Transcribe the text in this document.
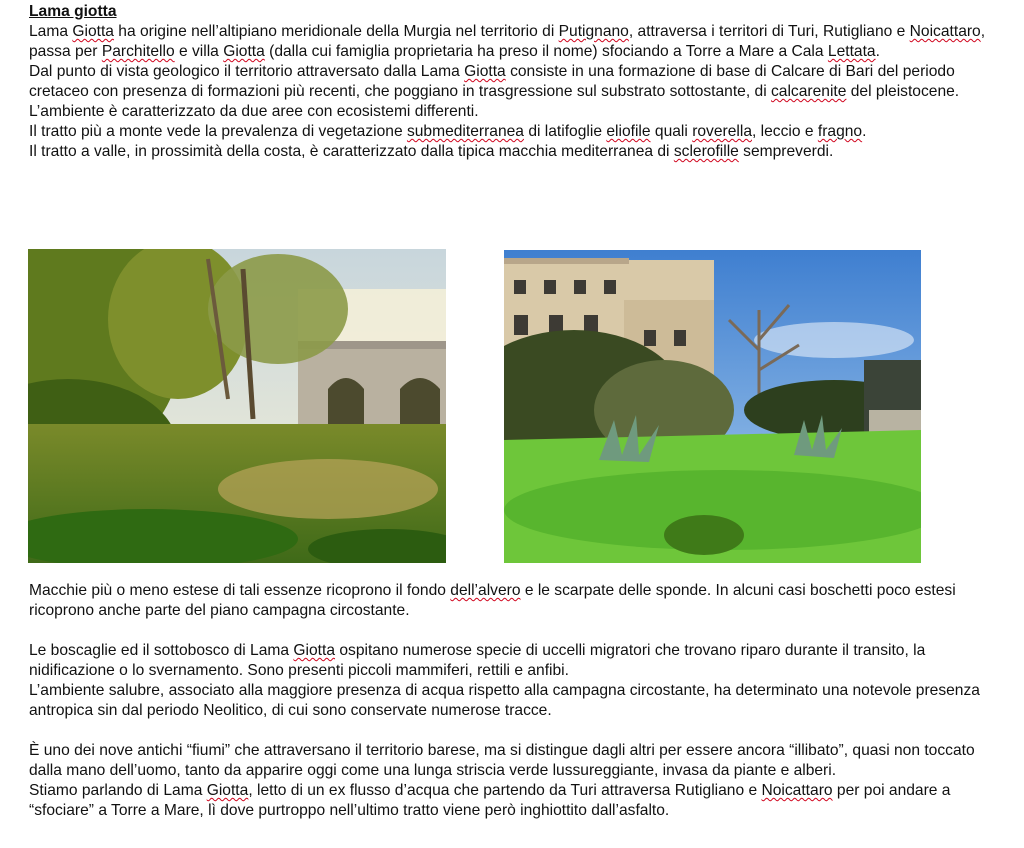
Lama giotta

Lama Giotta ha origine nell’altipiano meridionale della Murgia nel territorio di Putignano, attraversa i territori di Turi, Rutigliano e Noicattaro, passa per Parchitello e villa Giotta (dalla cui famiglia proprietaria ha preso il nome) sfociando a Torre a Mare a Cala Lettata.

Dal punto di vista geologico il territorio attraversato dalla Lama Giotta consiste in una formazione di base di Calcare di Bari del periodo cretaceo con presenza di formazioni più recenti, che poggiano in trasgressione sul substrato sottostante, di calcarenite del pleistocene.

L’ambiente è caratterizzato da due aree con ecosistemi differenti.

Il tratto più a monte vede la prevalenza di vegetazione submediterranea di latifoglie eliofile quali roverella, leccio e fragno.

Il tratto a valle, in prossimità della costa, è caratterizzato dalla tipica macchia mediterranea di sclerofille sempreverdi.

Macchie più o meno estese di tali essenze ricoprono il fondo dell’alvero e le scarpate delle sponde. In alcuni casi boschetti poco estesi ricoprono anche parte del piano campagna circostante.

Le boscaglie ed il sottobosco di Lama Giotta ospitano numerose specie di uccelli migratori che trovano riparo durante il transito, la nidificazione o lo svernamento. Sono presenti piccoli mammiferi, rettili e anfibi.

L’ambiente salubre, associato alla maggiore presenza di acqua rispetto alla campagna circostante, ha determinato una notevole presenza antropica sin dal periodo Neolitico, di cui sono conservate numerose tracce.

È uno dei nove antichi “fiumi” che attraversano il territorio barese, ma si distingue dagli altri per essere ancora “illibato”, quasi non toccato dalla mano dell’uomo, tanto da apparire oggi come una lunga striscia verde lussureggiante, invasa da piante e alberi.

Stiamo parlando di Lama Giotta, letto di un ex flusso d’acqua che partendo da Turi attraversa Rutigliano e Noicattaro per poi andare a “sfociare” a Torre a Mare, lì dove purtroppo nell’ultimo tratto viene però inghiottito dall’asfalto.
